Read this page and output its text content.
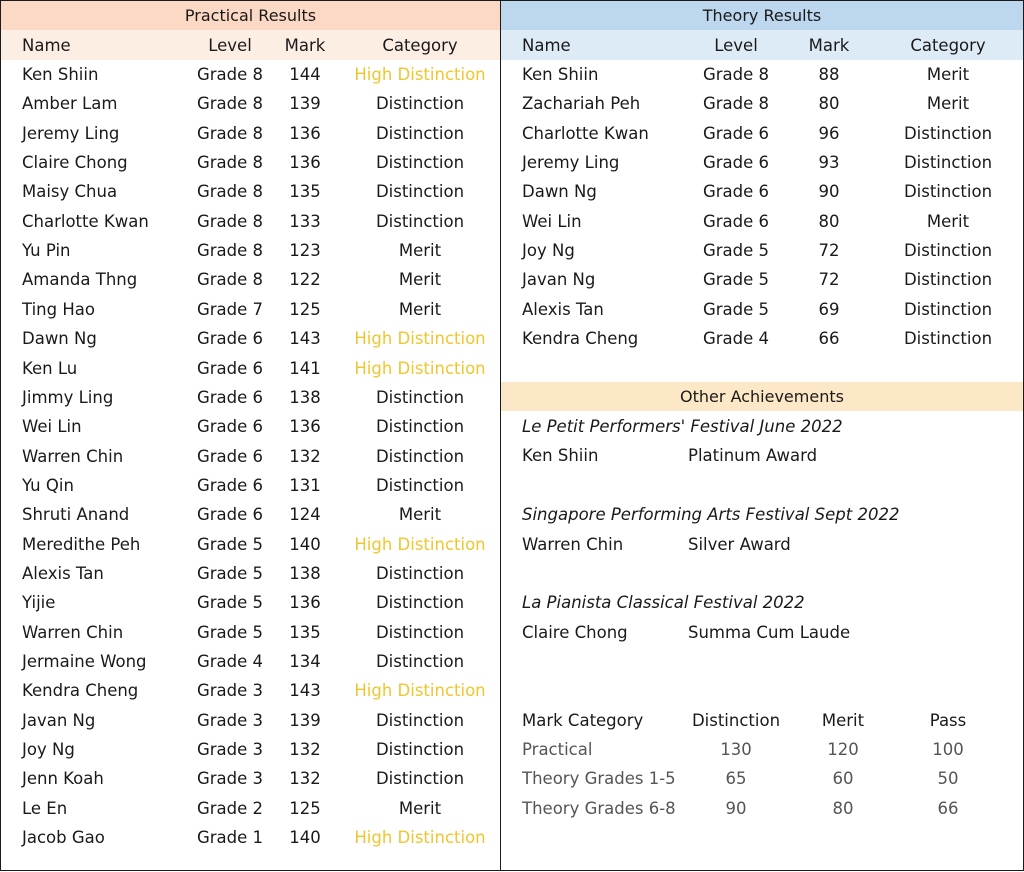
Practical Results
Name	Level	Mark	Category
Ken Shiin	Grade 8	144	High Distinction
Amber Lam	Grade 8	139	Distinction
Jeremy Ling	Grade 8	136	Distinction
Claire Chong	Grade 8	136	Distinction
Maisy Chua	Grade 8	135	Distinction
Charlotte Kwan	Grade 8	133	Distinction
Yu Pin	Grade 8	123	Merit
Amanda Thng	Grade 8	122	Merit
Ting Hao	Grade 7	125	Merit
Dawn Ng	Grade 6	143	High Distinction
Ken Lu	Grade 6	141	High Distinction
Jimmy Ling	Grade 6	138	Distinction
Wei Lin	Grade 6	136	Distinction
Warren Chin	Grade 6	132	Distinction
Yu Qin	Grade 6	131	Distinction
Shruti Anand	Grade 6	124	Merit
Meredithe Peh	Grade 5	140	High Distinction
Alexis Tan	Grade 5	138	Distinction
Yijie	Grade 5	136	Distinction
Warren Chin	Grade 5	135	Distinction
Jermaine Wong	Grade 4	134	Distinction
Kendra Cheng	Grade 3	143	High Distinction
Javan Ng	Grade 3	139	Distinction
Joy Ng	Grade 3	132	Distinction
Jenn Koah	Grade 3	132	Distinction
Le En	Grade 2	125	Merit
Jacob Gao	Grade 1	140	High Distinction
Theory Results
Name	Level	Mark	Category
Ken Shiin	Grade 8	88	Merit
Zachariah Peh	Grade 8	80	Merit
Charlotte Kwan	Grade 6	96	Distinction
Jeremy Ling	Grade 6	93	Distinction
Dawn Ng	Grade 6	90	Distinction
Wei Lin	Grade 6	80	Merit
Joy Ng	Grade 5	72	Distinction
Javan Ng	Grade 5	72	Distinction
Alexis Tan	Grade 5	69	Distinction
Kendra Cheng	Grade 4	66	Distinction
Other Achievements
Le Petit Performers' Festival June 2022
Ken Shiin	Platinum Award
Singapore Performing Arts Festival Sept 2022
Warren Chin	Silver Award
La Pianista Classical Festival 2022
Claire Chong	Summa Cum Laude
Mark Category	Distinction	Merit	Pass
Practical	130	120	100
Theory Grades 1-5	65	60	50
Theory Grades 6-8	90	80	66
